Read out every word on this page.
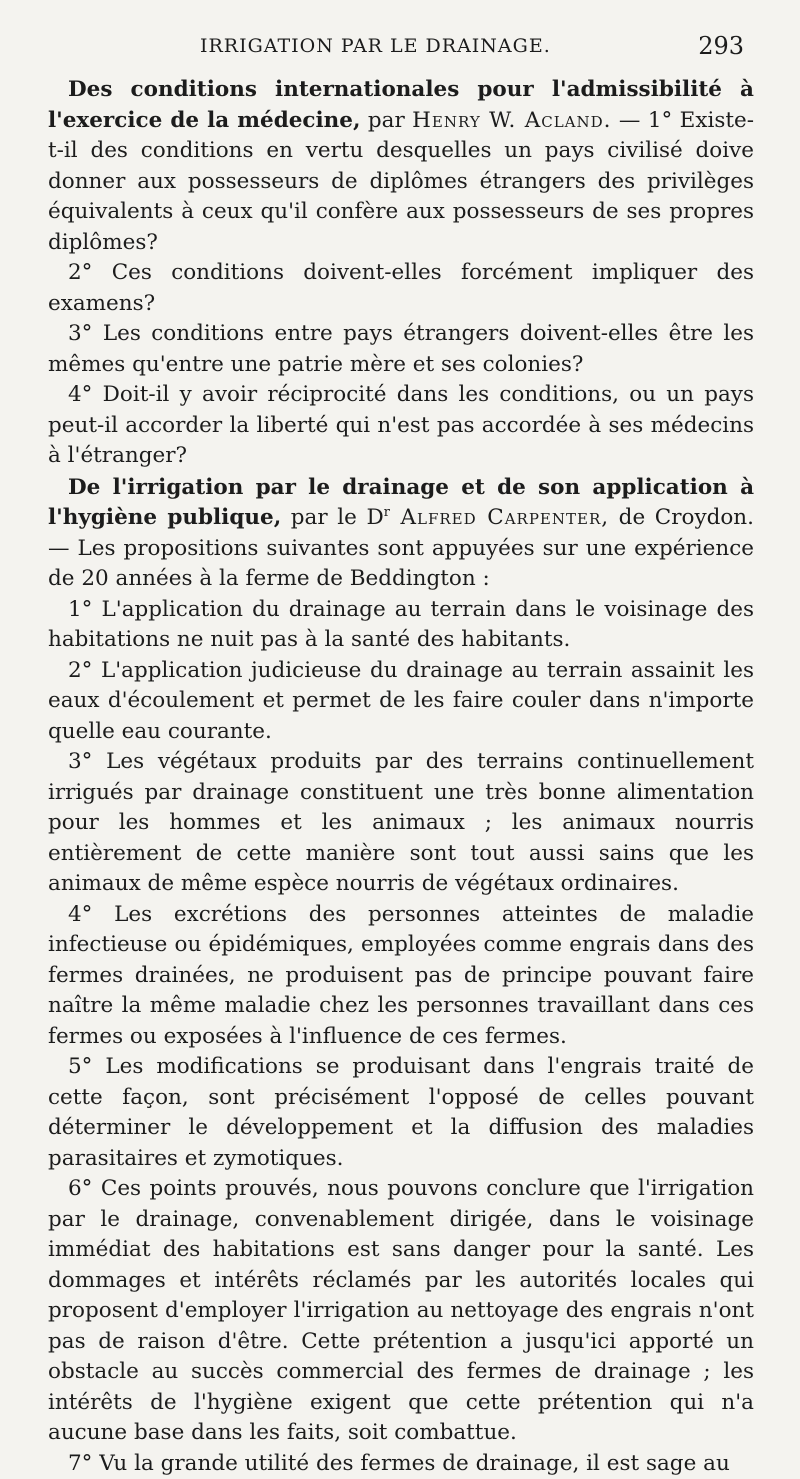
IRRIGATION PAR LE DRAINAGE.	293

Des conditions internationales pour l'admissibilité à l'exercice de la médecine, par Henry W. Acland. — 1° Existe-t-il des conditions en vertu desquelles un pays civilisé doive donner aux possesseurs de diplômes étrangers des privilèges équivalents à ceux qu'il confère aux possesseurs de ses propres diplômes?

2° Ces conditions doivent-elles forcément impliquer des examens?

3° Les conditions entre pays étrangers doivent-elles être les mêmes qu'entre une patrie mère et ses colonies?

4° Doit-il y avoir réciprocité dans les conditions, ou un pays peut-il accorder la liberté qui n'est pas accordée à ses médecins à l'étranger?

De l'irrigation par le drainage et de son application à l'hygiène publique, par le $D^r$ Alfred Carpenter, de Croydon. — Les propositions suivantes sont appuyées sur une expérience de 20 années à la ferme de Beddington :

1° L'application du drainage au terrain dans le voisinage des habitations ne nuit pas à la santé des habitants.

2° L'application judicieuse du drainage au terrain assainit les eaux d'écoulement et permet de les faire couler dans n'importe quelle eau courante.

3° Les végétaux produits par des terrains continuellement irrigués par drainage constituent une très bonne alimentation pour les hommes et les animaux ; les animaux nourris entièrement de cette manière sont tout aussi sains que les animaux de même espèce nourris de végétaux ordinaires.

4° Les excrétions des personnes atteintes de maladie infectieuse ou épidémiques, employées comme engrais dans des fermes drainées, ne produisent pas de principe pouvant faire naître la même maladie chez les personnes travaillant dans ces fermes ou exposées à l'influence de ces fermes.

5° Les modifications se produisant dans l'engrais traité de cette façon, sont précisément l'opposé de celles pouvant déterminer le développement et la diffusion des maladies parasitaires et zymotiques.

6° Ces points prouvés, nous pouvons conclure que l'irrigation par le drainage, convenablement dirigée, dans le voisinage immédiat des habitations est sans danger pour la santé. Les dommages et intérêts réclamés par les autorités locales qui proposent d'employer l'irrigation au nettoyage des engrais n'ont pas de raison d'être. Cette prétention a jusqu'ici apporté un obstacle au succès commercial des fermes de drainage ; les intérêts de l'hygiène exigent que cette prétention qui n'a aucune base dans les faits, soit combattue.

7° Vu la grande utilité des fermes de drainage, il est sage au
